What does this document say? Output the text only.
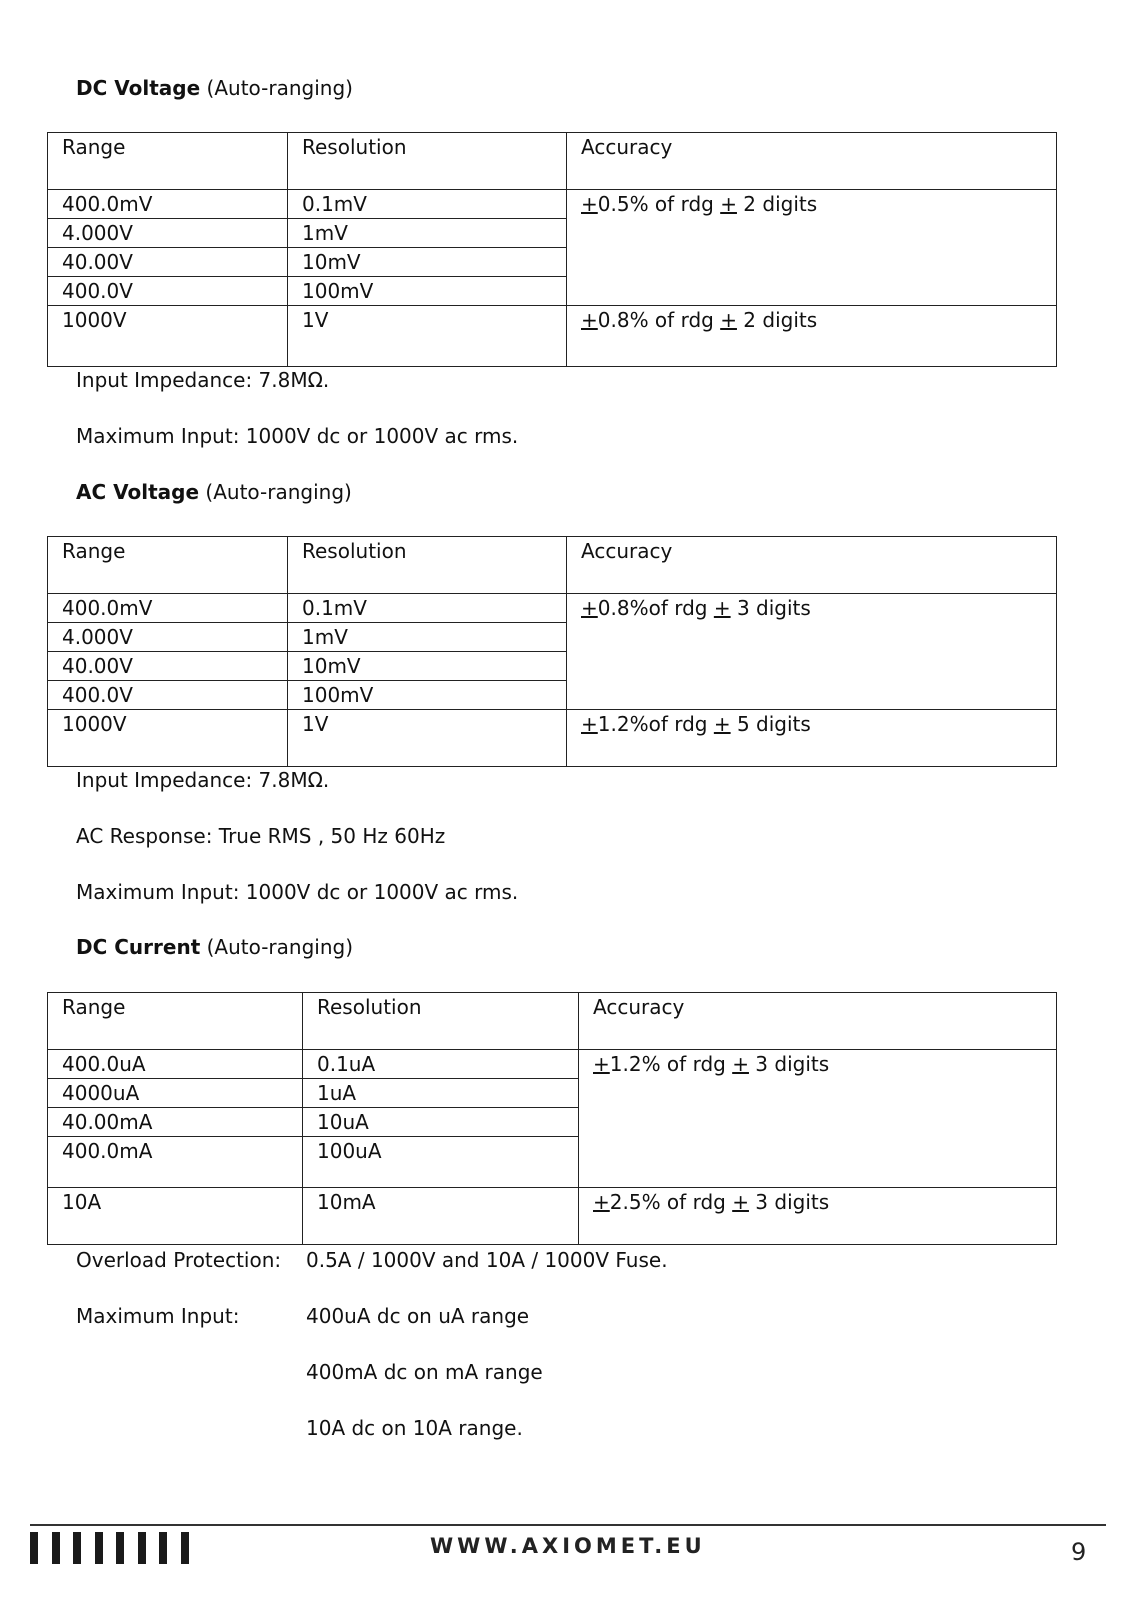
DC Voltage (Auto-ranging)
Range	Resolution	Accuracy
400.0mV	0.1mV	+0.5% of rdg + 2 digits
4.000V	1mV	
40.00V	10mV	
400.0V	100mV	
1000V	1V	+0.8% of rdg + 2 digits
Input Impedance: 7.8MΩ.
Maximum Input: 1000V dc or 1000V ac rms.
AC Voltage (Auto-ranging)
Range	Resolution	Accuracy
400.0mV	0.1mV	+0.8%of rdg + 3 digits
4.000V	1mV	
40.00V	10mV	
400.0V	100mV	
1000V	1V	+1.2%of rdg + 5 digits
Input Impedance: 7.8MΩ.
AC Response: True RMS , 50 Hz 60Hz
Maximum Input: 1000V dc or 1000V ac rms.
DC Current (Auto-ranging)
Range	Resolution	Accuracy
400.0uA	0.1uA	+1.2% of rdg + 3 digits
4000uA	1uA	
40.00mA	10uA	
400.0mA	100uA	
10A	10mA	+2.5% of rdg + 3 digits
Overload Protection: 0.5A / 1000V and 10A / 1000V Fuse.
Maximum Input:	400uA dc on uA range
400mA dc on mA range
10A dc on 10A range.
WWW.AXIOMET.EU	9
